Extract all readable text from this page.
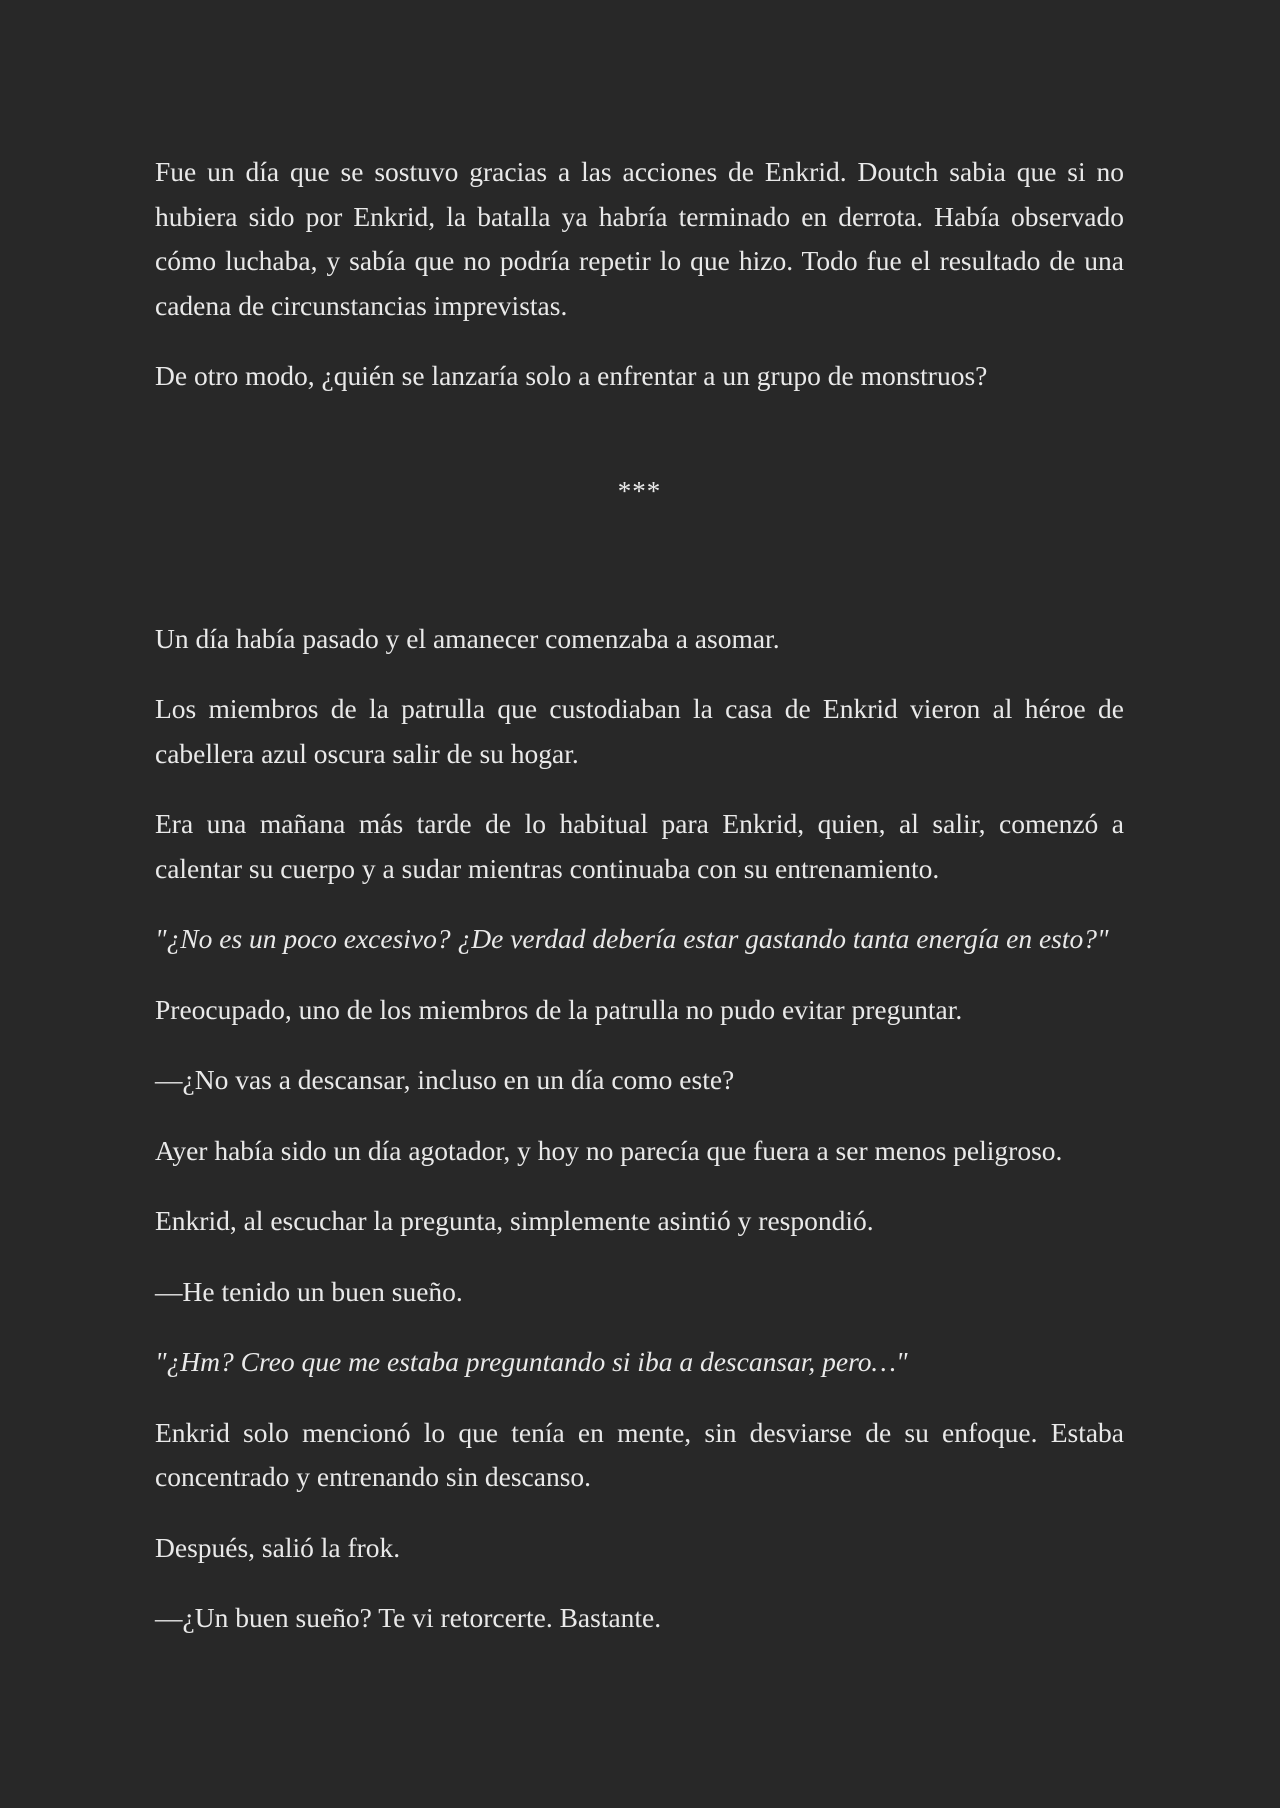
Fue un día que se sostuvo gracias a las acciones de Enkrid. Doutch sabia que si no hubiera sido por Enkrid, la batalla ya habría terminado en derrota. Había observado cómo luchaba, y sabía que no podría repetir lo que hizo. Todo fue el resultado de una cadena de circunstancias imprevistas.

De otro modo, ¿quién se lanzaría solo a enfrentar a un grupo de monstruos?

***

Un día había pasado y el amanecer comenzaba a asomar.

Los miembros de la patrulla que custodiaban la casa de Enkrid vieron al héroe de cabellera azul oscura salir de su hogar.

Era una mañana más tarde de lo habitual para Enkrid, quien, al salir, comenzó a calentar su cuerpo y a sudar mientras continuaba con su entrenamiento.

"¿No es un poco excesivo? ¿De verdad debería estar gastando tanta energía en esto?"

Preocupado, uno de los miembros de la patrulla no pudo evitar preguntar.

—¿No vas a descansar, incluso en un día como este?

Ayer había sido un día agotador, y hoy no parecía que fuera a ser menos peligroso.

Enkrid, al escuchar la pregunta, simplemente asintió y respondió.

—He tenido un buen sueño.

"¿Hm? Creo que me estaba preguntando si iba a descansar, pero…"

Enkrid solo mencionó lo que tenía en mente, sin desviarse de su enfoque. Estaba concentrado y entrenando sin descanso.

Después, salió la frok.

—¿Un buen sueño? Te vi retorcerte. Bastante.
